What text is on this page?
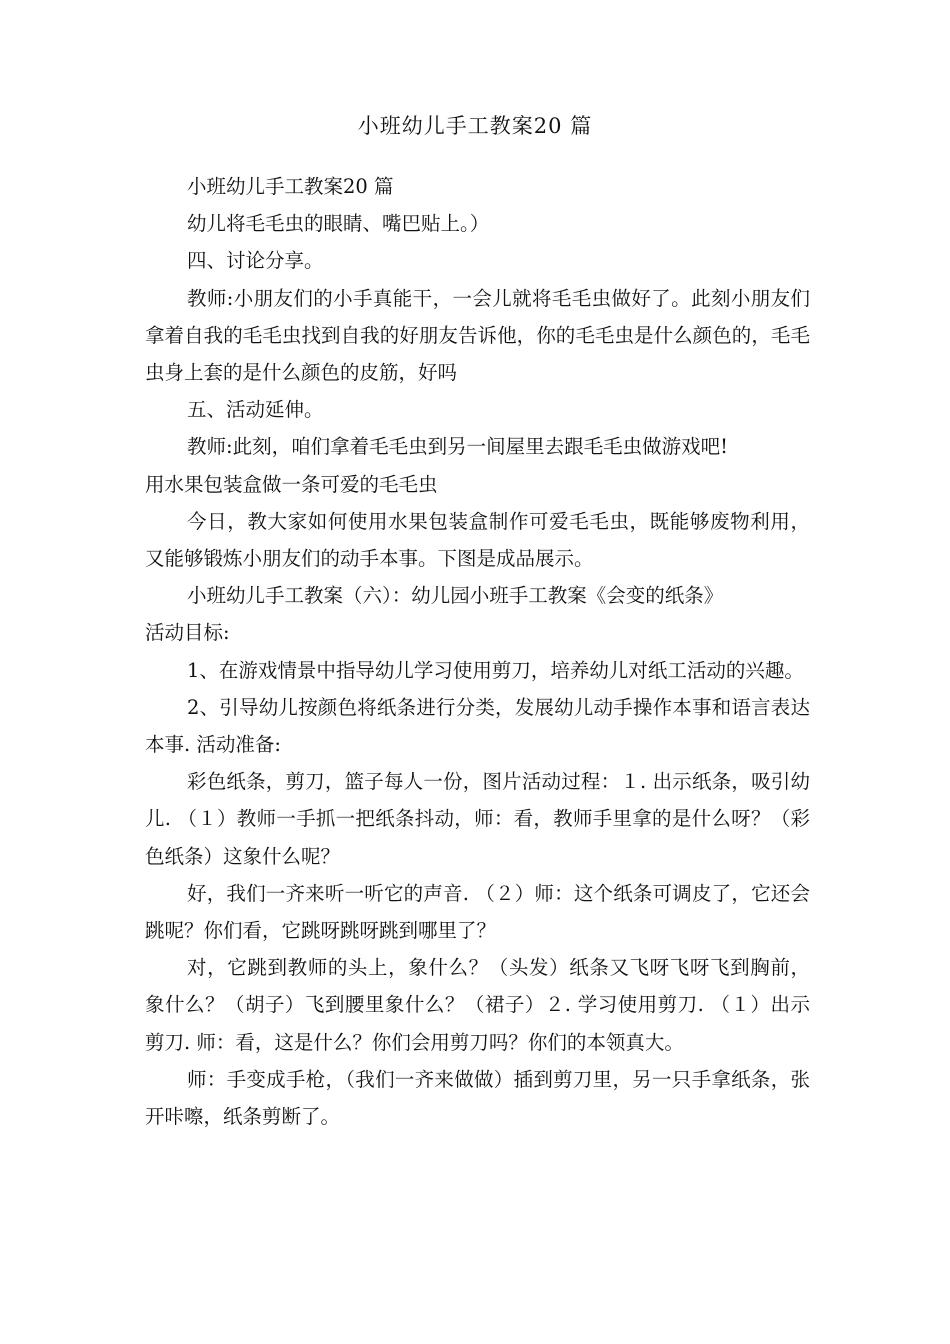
小班幼儿手工教案20 篇

小班幼儿手工教案20 篇

幼儿将毛毛虫的眼睛、嘴巴贴上。）

四、讨论分享。

教师:小朋友们的小手真能干，一会儿就将毛毛虫做好了。此刻小朋友们拿着自我的毛毛虫找到自我的好朋友告诉他，你的毛毛虫是什么颜色的，毛毛虫身上套的是什么颜色的皮筋，好吗

五、活动延伸。

教师:此刻，咱们拿着毛毛虫到另一间屋里去跟毛毛虫做游戏吧!

用水果包装盒做一条可爱的毛毛虫

今日，教大家如何使用水果包装盒制作可爱毛毛虫，既能够废物利用，又能够锻炼小朋友们的动手本事。下图是成品展示。

小班幼儿手工教案（六）：幼儿园小班手工教案《会变的纸条》

活动目标:

1、在游戏情景中指导幼儿学习使用剪刀，培养幼儿对纸工活动的兴趣。

2、引导幼儿按颜色将纸条进行分类，发展幼儿动手操作本事和语言表达本事. 活动准备:

彩色纸条，剪刀，篮子每人一份，图片活动过程：１. 出示纸条，吸引幼儿. （１）教师一手抓一把纸条抖动，师：看，教师手里拿的是什么呀？（彩色纸条）这象什么呢？

好，我们一齐来听一听它的声音. （２）师：这个纸条可调皮了，它还会跳呢？你们看，它跳呀跳呀跳到哪里了？

对，它跳到教师的头上，象什么？（头发）纸条又飞呀飞呀飞到胸前，象什么？（胡子）飞到腰里象什么？（裙子）２. 学习使用剪刀. （１）出示剪刀. 师：看，这是什么？你们会用剪刀吗？你们的本领真大。

师：手变成手枪，（我们一齐来做做）插到剪刀里，另一只手拿纸条，张开咔嚓，纸条剪断了。
